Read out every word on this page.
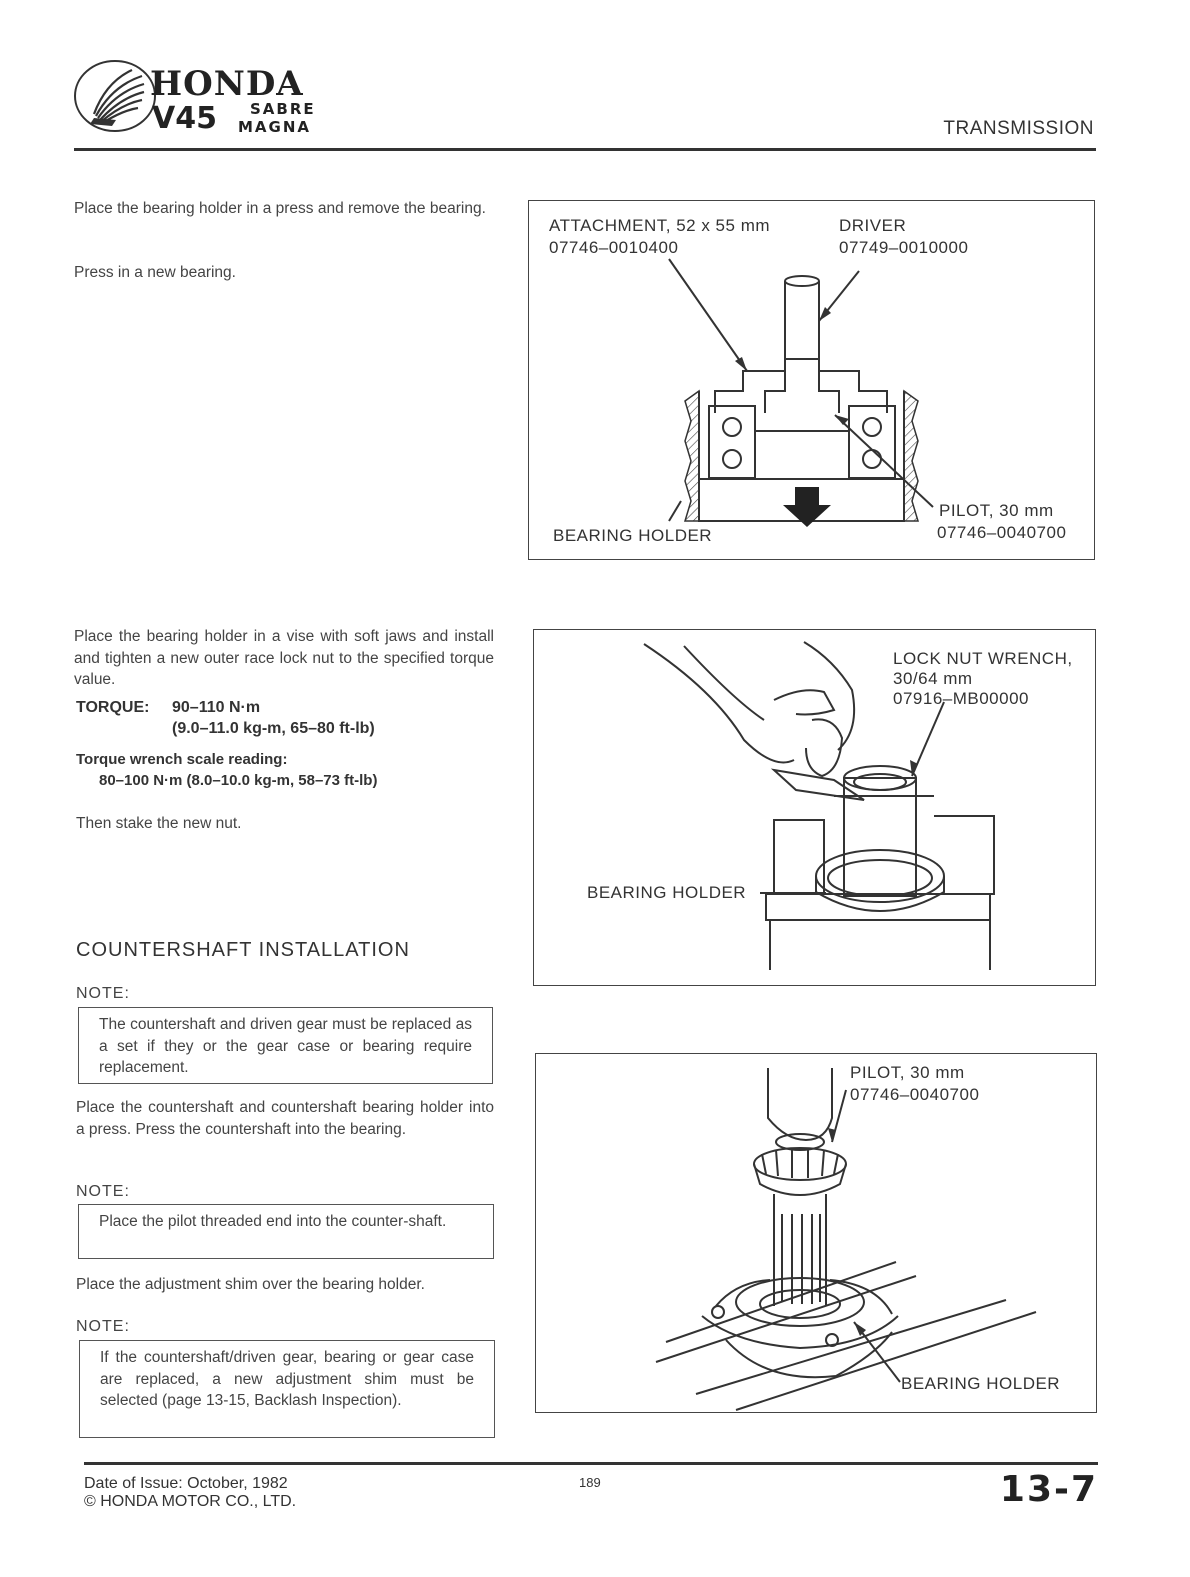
HONDA
V45 SABRE
MAGNA	TRANSMISSION
Place the bearing holder in a press and remove the bearing.
Press in a new bearing.
Place the bearing holder in a vise with soft jaws and install and tighten a new outer race lock nut to the specified torque value.
TORQUE: 90–110 N·m
(9.0–11.0 kg-m, 65–80 ft-lb)
Torque wrench scale reading:
80–100 N·m (8.0–10.0 kg-m, 58–73 ft-lb)
Then stake the new nut.
COUNTERSHAFT INSTALLATION
NOTE:
The countershaft and driven gear must be replaced as a set if they or the gear case or bearing require replacement.
Place the countershaft and countershaft bearing holder into a press. Press the countershaft into the bearing.
NOTE:
Place the pilot threaded end into the counter-shaft.
Place the adjustment shim over the bearing holder.
NOTE:
If the countershaft/driven gear, bearing or gear case are replaced, a new adjustment shim must be selected (page 13-15, Backlash Inspection).
ATTACHMENT, 52 x 55 mm
07746–0010400
DRIVER
07749–0010000
PILOT, 30 mm
07746–0040700
BEARING HOLDER
LOCK NUT WRENCH,
30/64 mm
07916–MB00000
BEARING HOLDER
PILOT, 30 mm
07746–0040700
BEARING HOLDER
Date of Issue: October, 1982
© HONDA MOTOR CO., LTD.
189	13-7
